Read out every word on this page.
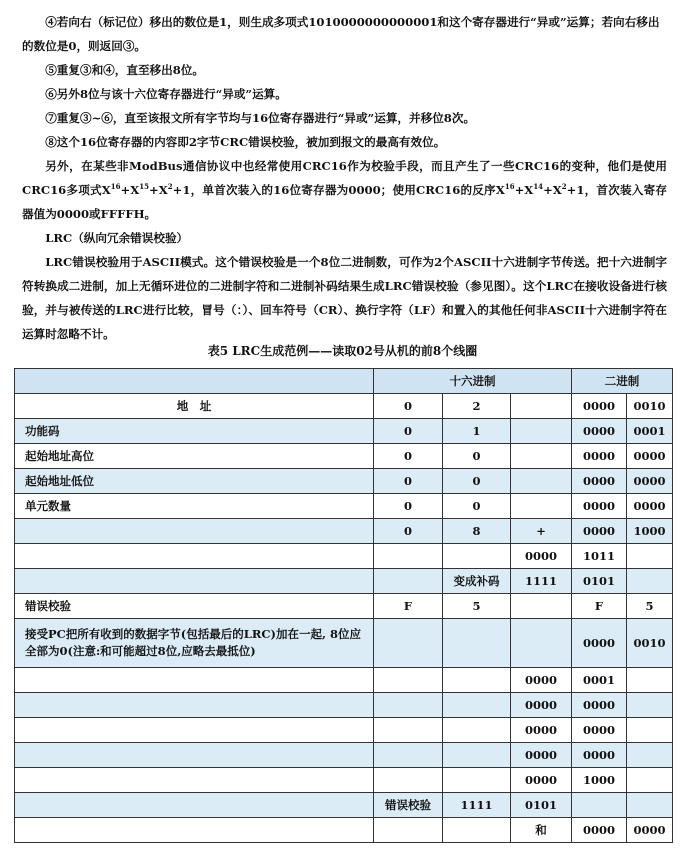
④若向右（标记位）移出的数位是1，则生成多项式1010000000000001和这个寄存器进行“异或”运算；若向右移出的数位是0，则返回③。
⑤重复③和④，直至移出8位。
⑥另外8位与该十六位寄存器进行“异或”运算。
⑦重复③~⑥，直至该报文所有字节均与16位寄存器进行“异或”运算，并移位8次。
⑧这个16位寄存器的内容即2字节CRC错误校验，被加到报文的最高有效位。
另外，在某些非ModBus通信协议中也经常使用CRC16作为校验手段，而且产生了一些CRC16的变种，他们是使用CRC16多项式$X^{16}+X^{15}+X^2+1$，单首次装入的16位寄存器为0000；使用CRC16的反序$X^{16}+X^{14}+X^2+1$，首次装入寄存器值为0000或FFFFH。
LRC（纵向冗余错误校验）
LRC错误校验用于ASCII模式。这个错误校验是一个8位二进制数，可作为2个ASCII十六进制字节传送。把十六进制字符转换成二进制，加上无循环进位的二进制字符和二进制补码结果生成LRC错误校验（参见图）。这个LRC在接收设备进行核验，并与被传送的LRC进行比较，冒号（：）、回车符号（CR）、换行字符（LF）和置入的其他任何非ASCII十六进制字符在运算时忽略不计。
表5 LRC生成范例——读取02号从机的前8个线圈
	十六进制			二进制	
地　址	0	2		0000	0010
功能码	0	1		0000	0001
起始地址高位	0	0		0000	0000
起始地址低位	0	0		0000	0000
单元数量	0	0		0000	0000
	0	8	+	0000	1000
			0000	1011	
		变成补码	1111	0101	
错误校验	F	5		F	5
接受PC把所有收到的数据字节(包括最后的LRC)加在一起, 8位应全部为0(注意:和可能超过8位,应略去最抵位)				0000	0010
			0000	0001	
			0000	0000	
			0000	0000	
			0000	0000	
			0000	1000	
	错误校验	1111	0101		
			和	0000	0000
